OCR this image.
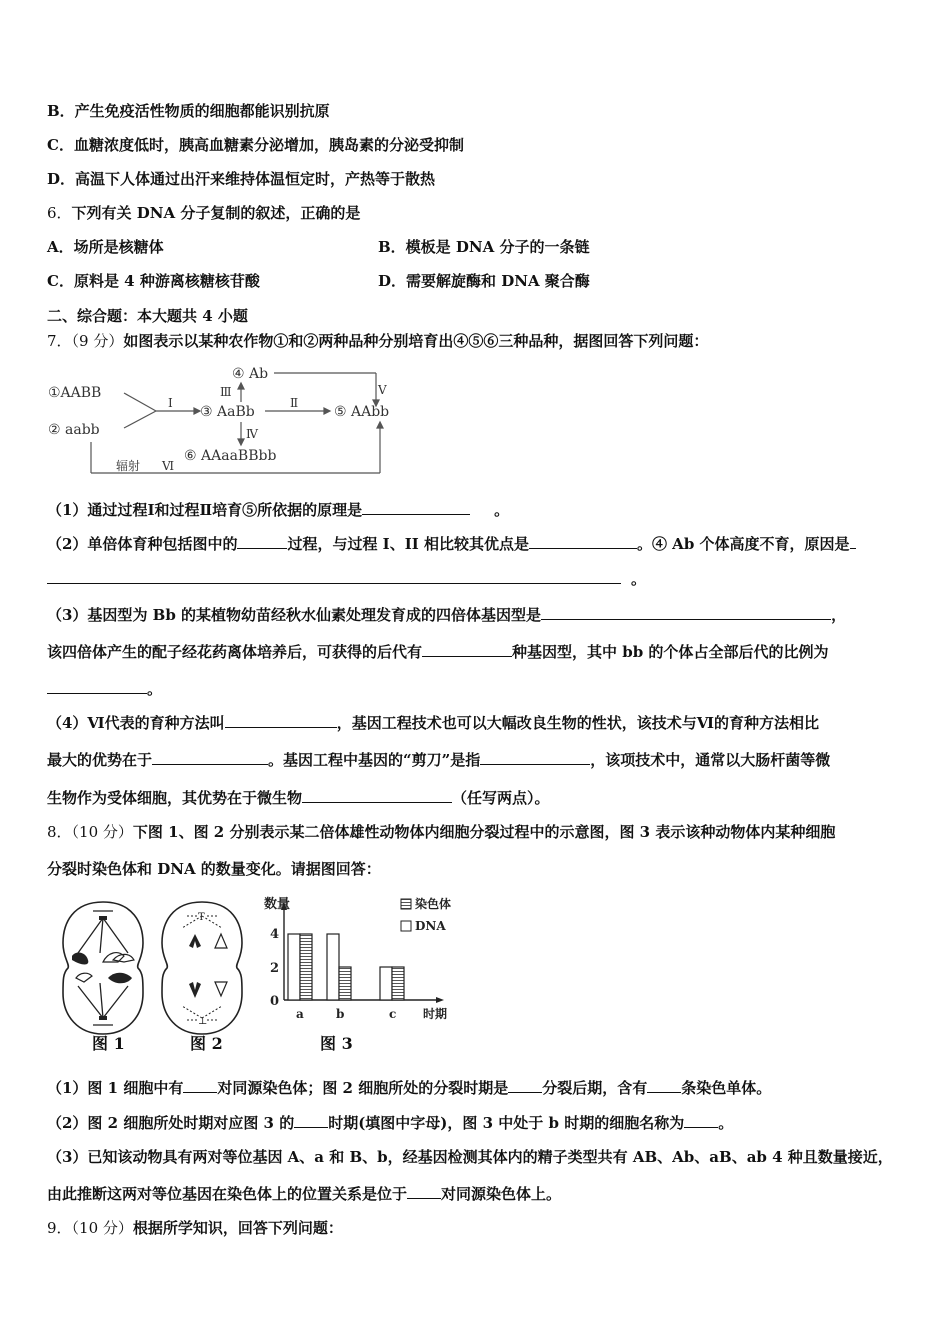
B．产生免疫活性物质的细胞都能识别抗原
C．血糖浓度低时，胰高血糖素分泌增加，胰岛素的分泌受抑制
D．高温下人体通过出汗来维持体温恒定时，产热等于散热
6．下列有关 DNA 分子复制的叙述，正确的是
A．场所是核糖体	B．模板是 DNA 分子的一条链
C．原料是 4 种游离核糖核苷酸	D．需要解旋酶和 DNA 聚合酶
二、综合题：本大题共 4 小题
7．（9 分）如图表示以某种农作物①和②两种品种分别培育出④⑤⑥三种品种，据图回答下列问题：
①AABB
② aabb
③ AaBb
④ Ab
⑤ AAbb
⑥ AAaaBBbb
Ⅰ	Ⅱ
Ⅲ
Ⅳ
Ⅴ
辐射 Ⅵ
（1）通过过程Ⅰ和过程Ⅱ培育⑤所依据的原理是	。
（2）单倍体育种包括图中的	过程，与过程 I、II 相比较其优点是	。④ Ab 个体高度不育，原因是
。
（3）基因型为 Bb 的某植物幼苗经秋水仙素处理发育成的四倍体基因型是	，
该四倍体产生的配子经花药离体培养后，可获得的后代有	种基因型，其中 bb 的个体占全部后代的比例为
。
（4）Ⅵ代表的育种方法叫	，基因工程技术也可以大幅改良生物的性状，该技术与Ⅵ的育种方法相比
最大的优势在于	。基因工程中基因的“剪刀”是指	，该项技术中，通常以大肠杆菌等微
生物作为受体细胞，其优势在于微生物	（任写两点）。
8．（10 分）下图 1、图 2 分别表示某二倍体雄性动物体内细胞分裂过程中的示意图，图 3 表示该种动物体内某种细胞
分裂时染色体和 DNA 的数量变化。请据图回答：
T
⊥
数量
4
2
0
a	b	c 时期
染色体
DNA
图 1	图 2	图 3
（1）图 1 细胞中有 对同源染色体；图 2 细胞所处的分裂时期是 分裂后期，含有 条染色单体。
（2）图 2 细胞所处时期对应图 3 的 时期(填图中字母)，图 3 中处于 b 时期的细胞名称为 。
（3）已知该动物具有两对等位基因 A、a 和 B、b，经基因检测其体内的精子类型共有 AB、Ab、aB、ab 4 种且数量接近，
由此推断这两对等位基因在染色体上的位置关系是位于 对同源染色体上。
9．（10 分）根据所学知识，回答下列问题：
